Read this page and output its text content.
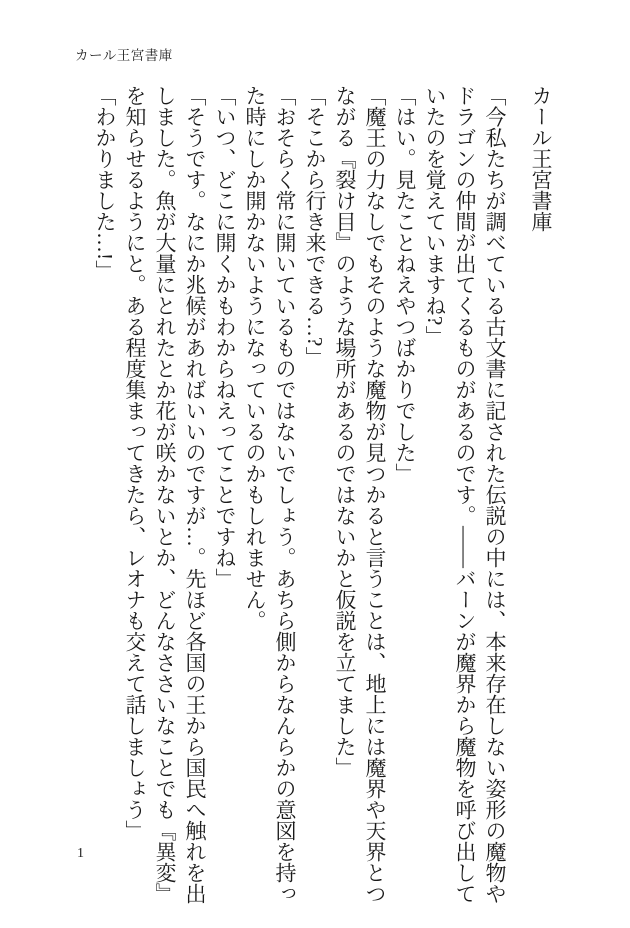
カール王宮書庫
カール王宮書庫

「今私たちが調べている古文書に記された伝説の中には、本来存在しない姿形の魔物やドラゴンの仲間が出てくるものがあるのです。――バーンが魔界から魔物を呼び出していたのを覚えていますね?」

「はい。見たことねえやつばかりでした」

「魔王の力なしでもそのような魔物が見つかると言うことは、地上には魔界や天界とつながる『裂け目』のような場所があるのではないかと仮説を立てました」

「そこから行き来できる…?」

「おそらく常に開いているものではないでしょう。あちら側からなんらかの意図を持った時にしか開かないようになっているのかもしれません。

「いつ、どこに開くかもわからねえってことですね」

「そうです。なにか兆候があればいいのですが…。先ほど各国の王から国民へ触れを出しました。魚が大量にとれたとか花が咲かないとか、どんなささいなことでも『異変』を知らせるようにと。ある程度集まってきたら、レオナも交えて話しましょう」

「わかりました…!」

1
